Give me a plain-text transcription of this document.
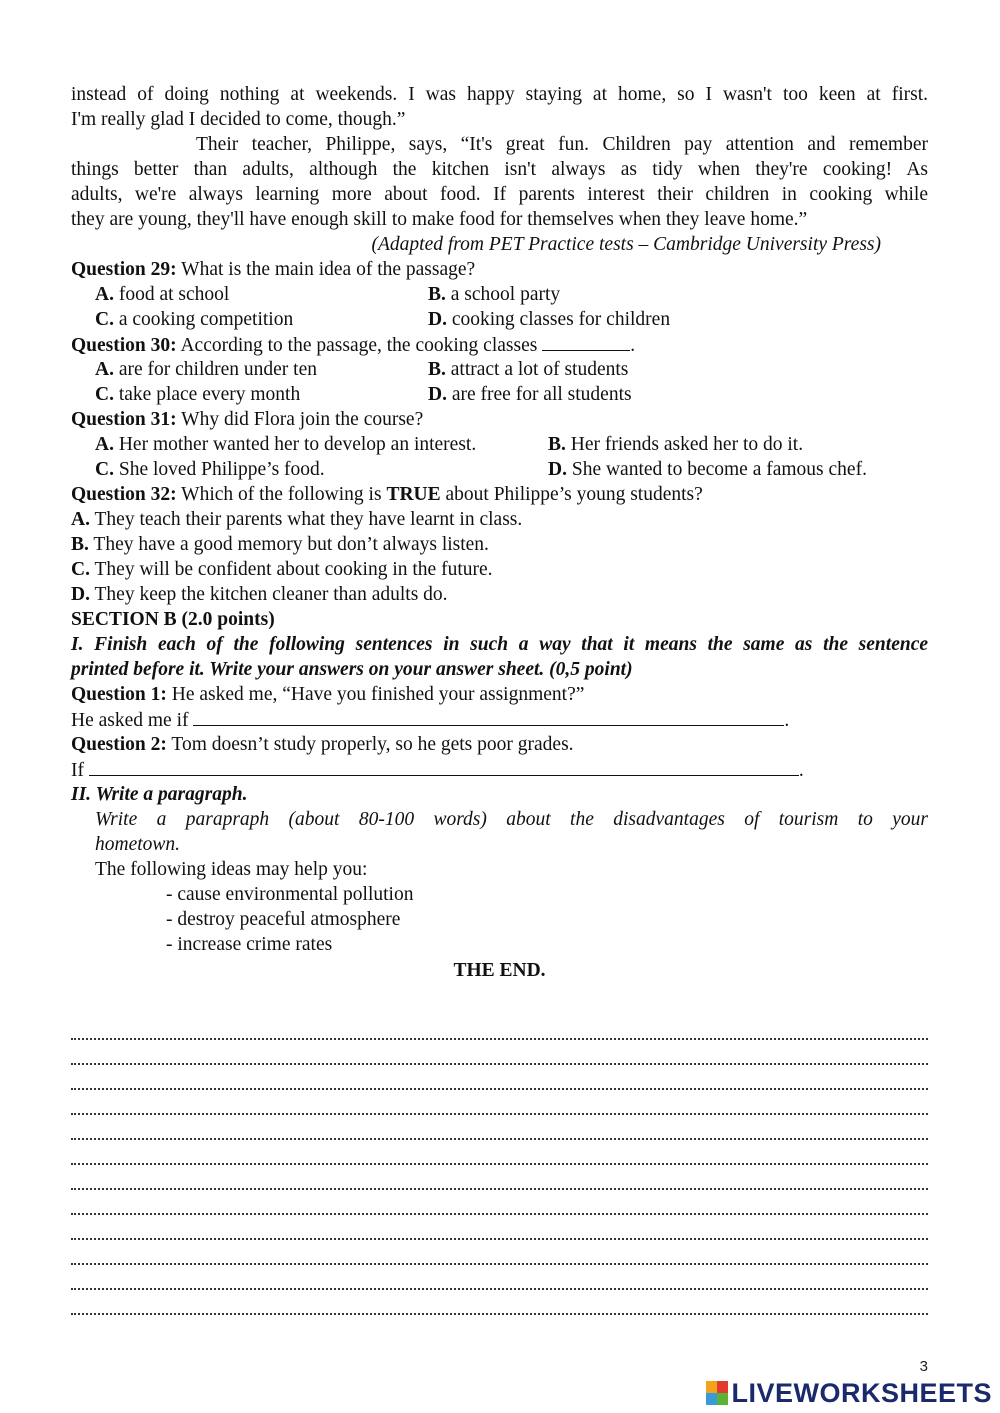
instead of doing nothing at weekends. I was happy staying at home, so I wasn't too keen at first.
I'm really glad I decided to come, though.”
Their teacher, Philippe, says, “It's great fun. Children pay attention and remember
things better than adults, although the kitchen isn't always as tidy when they're cooking! As
adults, we're always learning more about food. If parents interest their children in cooking while
they are young, they'll have enough skill to make food for themselves when they leave home.”
(Adapted from PET Practice tests – Cambridge University Press)
Question 29: What is the main idea of the passage?
A. food at school	B. a school party
C. a cooking competition	D. cooking classes for children
Question 30: According to the passage, the cooking classes	.
A. are for children under ten	B. attract a lot of students
C. take place every month	D. are free for all students
Question 31: Why did Flora join the course?
A. Her mother wanted her to develop an interest.	B. Her friends asked her to do it.
C. She loved Philippe’s food.	D. She wanted to become a famous chef.
Question 32: Which of the following is TRUE about Philippe’s young students?
A. They teach their parents what they have learnt in class.
B. They have a good memory but don’t always listen.
C. They will be confident about cooking in the future.
D. They keep the kitchen cleaner than adults do.
SECTION B (2.0 points)
I. Finish each of the following sentences in such a way that it means the same as the sentence
printed before it. Write your answers on your answer sheet. (0,5 point)
Question 1: He asked me, “Have you finished your assignment?”
He asked me if	.
Question 2: Tom doesn’t study properly, so he gets poor grades.
If	.
II. Write a paragraph.
Write a parapraph (about 80-100 words) about the disadvantages of tourism to your
hometown.
The following ideas may help you:
- cause environmental pollution
- destroy peaceful atmosphere
- increase crime rates
THE END.
3
LIVEWORKSHEETS
